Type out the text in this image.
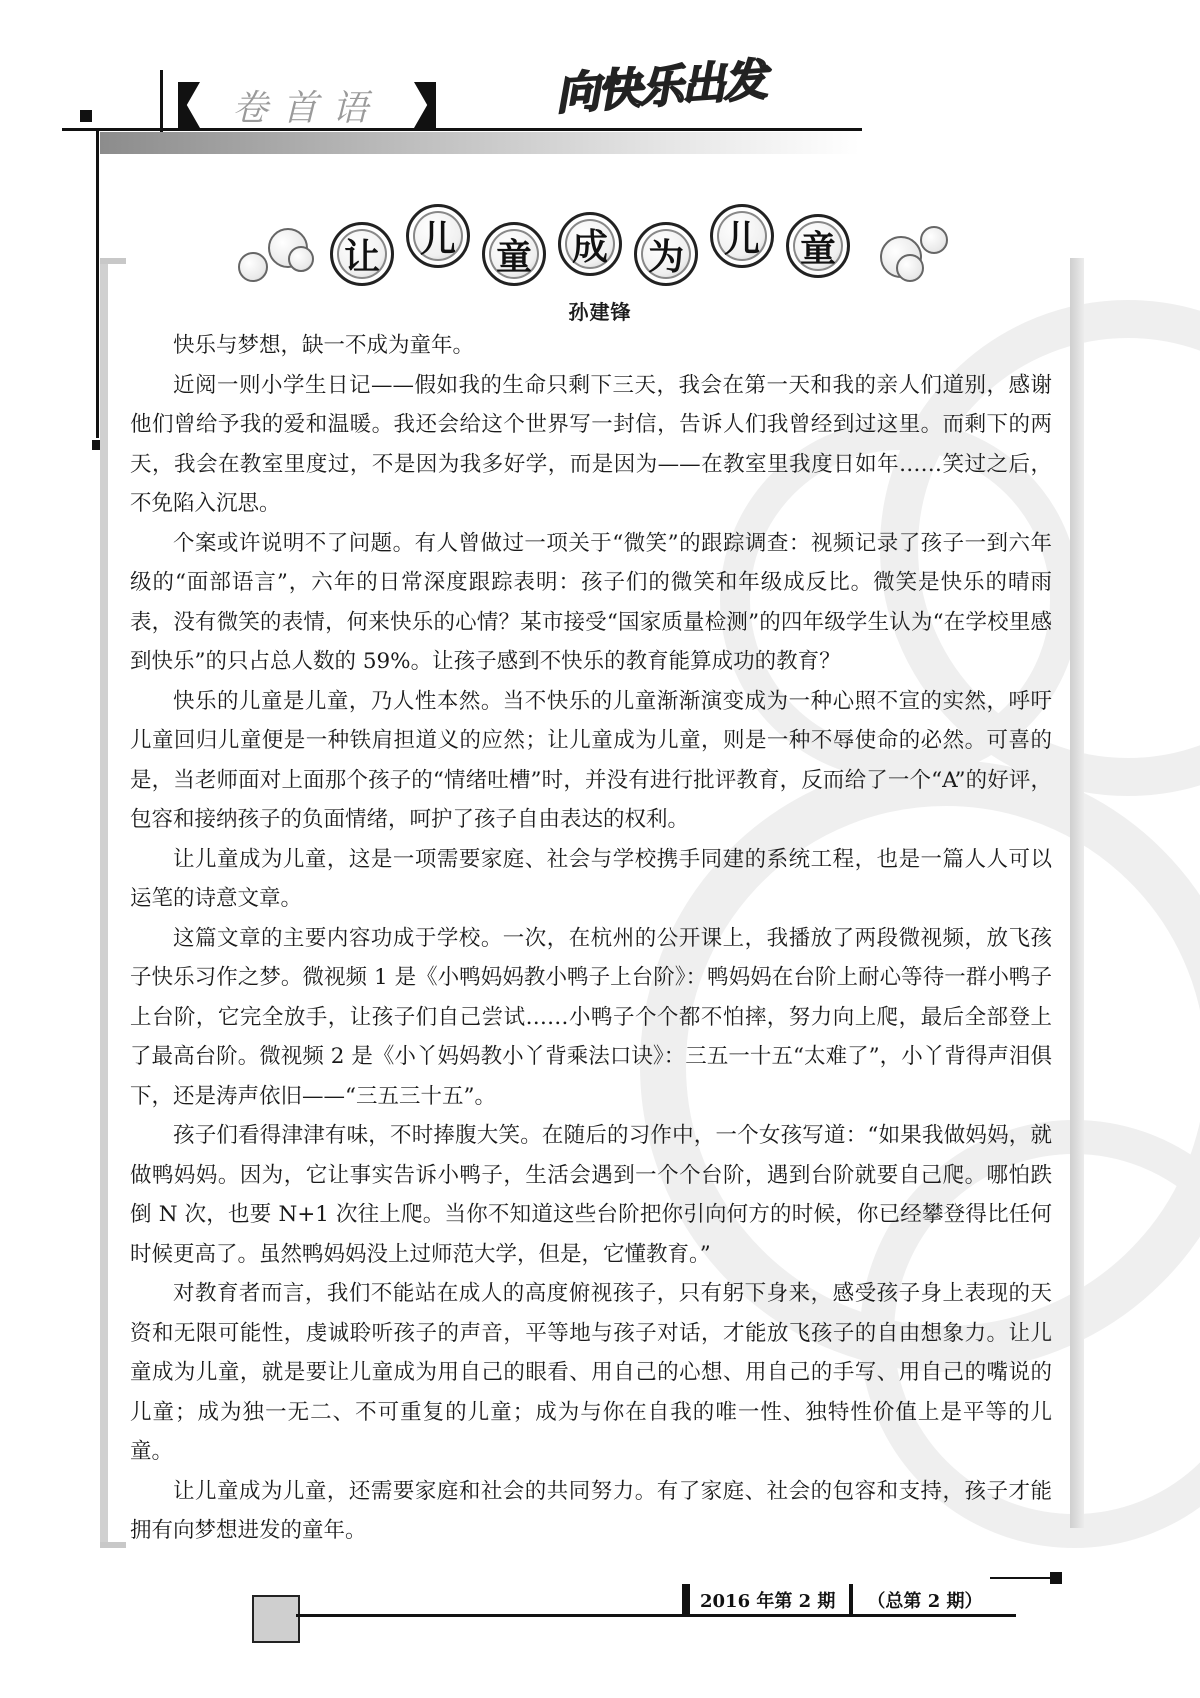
卷首语	向快乐出发
让	儿	童	成	为	儿	童
孙建锋

快乐与梦想，缺一不成为童年。

近阅一则小学生日记——假如我的生命只剩下三天，我会在第一天和我的亲人们道别，感谢他们曾给予我的爱和温暖。我还会给这个世界写一封信，告诉人们我曾经到过这里。而剩下的两天，我会在教室里度过，不是因为我多好学，而是因为——在教室里我度日如年……笑过之后，不免陷入沉思。

个案或许说明不了问题。有人曾做过一项关于“微笑”的跟踪调查：视频记录了孩子一到六年级的“面部语言”，六年的日常深度跟踪表明：孩子们的微笑和年级成反比。微笑是快乐的晴雨表，没有微笑的表情，何来快乐的心情？某市接受“国家质量检测”的四年级学生认为“在学校里感到快乐”的只占总人数的 59%。让孩子感到不快乐的教育能算成功的教育？

快乐的儿童是儿童，乃人性本然。当不快乐的儿童渐渐演变成为一种心照不宣的实然，呼吁儿童回归儿童便是一种铁肩担道义的应然；让儿童成为儿童，则是一种不辱使命的必然。可喜的是，当老师面对上面那个孩子的“情绪吐槽”时，并没有进行批评教育，反而给了一个“A”的好评，包容和接纳孩子的负面情绪，呵护了孩子自由表达的权利。

让儿童成为儿童，这是一项需要家庭、社会与学校携手同建的系统工程，也是一篇人人可以运笔的诗意文章。

这篇文章的主要内容功成于学校。一次，在杭州的公开课上，我播放了两段微视频，放飞孩子快乐习作之梦。微视频 1 是《小鸭妈妈教小鸭子上台阶》：鸭妈妈在台阶上耐心等待一群小鸭子上台阶，它完全放手，让孩子们自己尝试……小鸭子个个都不怕摔，努力向上爬，最后全部登上了最高台阶。微视频 2 是《小丫妈妈教小丫背乘法口诀》：三五一十五“太难了”，小丫背得声泪俱下，还是涛声依旧——“三五三十五”。

孩子们看得津津有味，不时捧腹大笑。在随后的习作中，一个女孩写道：“如果我做妈妈，就做鸭妈妈。因为，它让事实告诉小鸭子，生活会遇到一个个台阶，遇到台阶就要自己爬。哪怕跌倒 N 次，也要 N+1 次往上爬。当你不知道这些台阶把你引向何方的时候，你已经攀登得比任何时候更高了。虽然鸭妈妈没上过师范大学，但是，它懂教育。”

对教育者而言，我们不能站在成人的高度俯视孩子，只有躬下身来，感受孩子身上表现的天资和无限可能性，虔诚聆听孩子的声音，平等地与孩子对话，才能放飞孩子的自由想象力。让儿童成为儿童，就是要让儿童成为用自己的眼看、用自己的心想、用自己的手写、用自己的嘴说的儿童；成为独一无二、不可重复的儿童；成为与你在自我的唯一性、独特性价值上是平等的儿童。

让儿童成为儿童，还需要家庭和社会的共同努力。有了家庭、社会的包容和支持，孩子才能拥有向梦想进发的童年。

2016 年第 2 期	（总第 2 期）
